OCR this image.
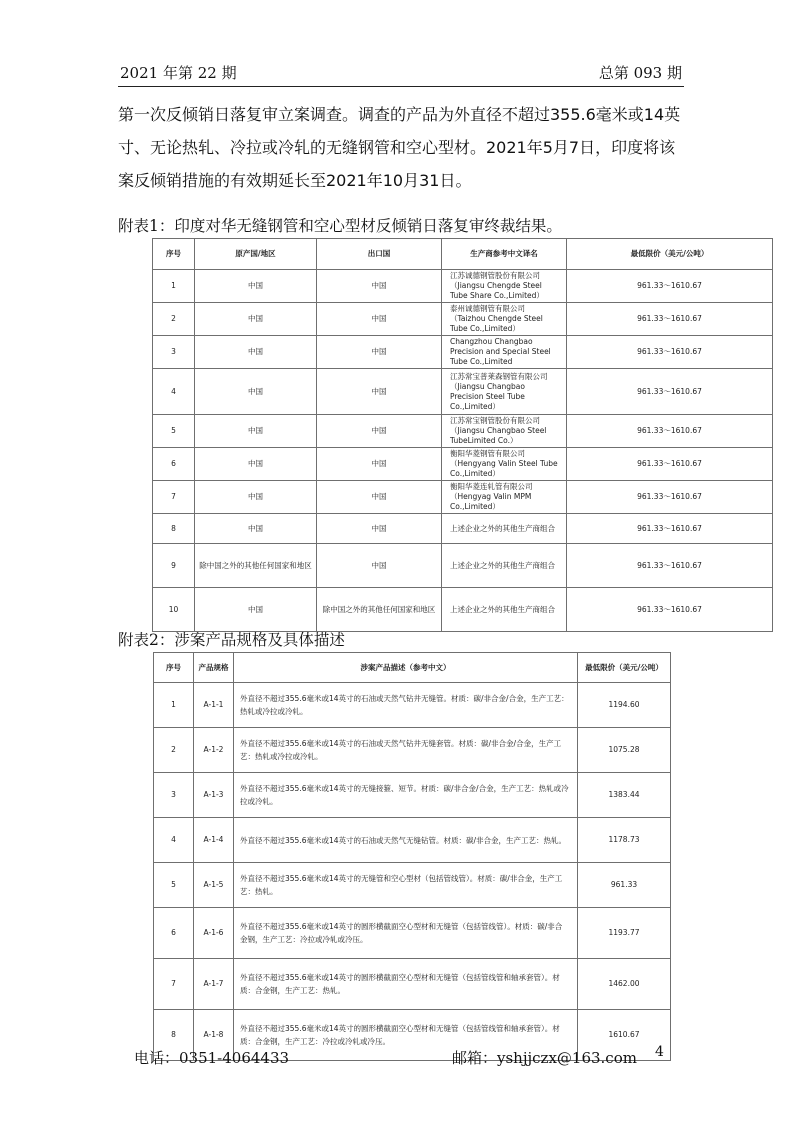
2021 年第 22 期	总第 093 期

第一次反倾销日落复审立案调查。调查的产品为外直径不超过355.6毫米或14英

寸、无论热轧、冷拉或冷轧的无缝钢管和空心型材。2021年5月7日，印度将该

案反倾销措施的有效期延长至2021年10月31日。

附表1：印度对华无缝钢管和空心型材反倾销日落复审终裁结果。
序号	原产国/地区	出口国	生产商参考中文译名	最低限价（美元/公吨）
1	中国	中国	江苏诚德钢管股份有限公司（Jiangsu Chengde Steel Tube Share Co.,Limited）	961.33～1610.67
2	中国	中国	泰州诚德钢管有限公司（Taizhou Chengde Steel Tube Co.,Limited）	961.33～1610.67
3	中国	中国	Changzhou Changbao Precision and Special Steel Tube Co.,Limited	961.33～1610.67
4	中国	中国	江苏常宝普莱森钢管有限公司（Jiangsu Changbao Precision Steel Tube Co.,Limited）	961.33～1610.67
5	中国	中国	江苏常宝钢管股份有限公司（Jiangsu Changbao Steel TubeLimited Co.）	961.33～1610.67
6	中国	中国	衡阳华菱钢管有限公司（Hengyang Valin Steel Tube Co.,Limited）	961.33～1610.67
7	中国	中国	衡阳华菱连轧管有限公司（Hengyag Valin MPM Co.,Limited）	961.33～1610.67
8	中国	中国	上述企业之外的其他生产商组合	961.33～1610.67
9	除中国之外的其他任何国家和地区	中国	上述企业之外的其他生产商组合	961.33～1610.67
10	中国	除中国之外的其他任何国家和地区	上述企业之外的其他生产商组合	961.33～1610.67
附表2：涉案产品规格及具体描述
序号	产品规格	涉案产品描述（参考中文）	最低限价（美元/公吨）
1	A-1-1	外直径不超过355.6毫米或14英寸的石油或天然气钻井无缝管。材质：碳/非合金/合金，生产工艺：热轧或冷拉或冷轧。	1194.60
2	A-1-2	外直径不超过355.6毫米或14英寸的石油或天然气钻井无缝套管。材质：碳/非合金/合金，生产工艺：热轧或冷拉或冷轧。	1075.28
3	A-1-3	外直径不超过355.6毫米或14英寸的无缝接箍、短节。材质：碳/非合金/合金，生产工艺：热轧或冷拉或冷轧。	1383.44
4	A-1-4	外直径不超过355.6毫米或14英寸的石油或天然气无缝钻管。材质：碳/非合金，生产工艺：热轧。	1178.73
5	A-1-5	外直径不超过355.6毫米或14英寸的无缝管和空心型材（包括管线管）。材质：碳/非合金，生产工艺：热轧。	961.33
6	A-1-6	外直径不超过355.6毫米或14英寸的圆形横截面空心型材和无缝管（包括管线管）。材质：碳/非合金钢，生产工艺：冷拉或冷轧或冷压。	1193.77
7	A-1-7	外直径不超过355.6毫米或14英寸的圆形横截面空心型材和无缝管（包括管线管和轴承套管）。材质：合金钢，生产工艺：热轧。	1462.00
8	A-1-8	外直径不超过355.6毫米或14英寸的圆形横截面空心型材和无缝管（包括管线管和轴承套管）。材质：合金钢，生产工艺：冷拉或冷轧或冷压。	1610.67
电话：0351-4064433	邮箱：yshjjczx@163.com 4
